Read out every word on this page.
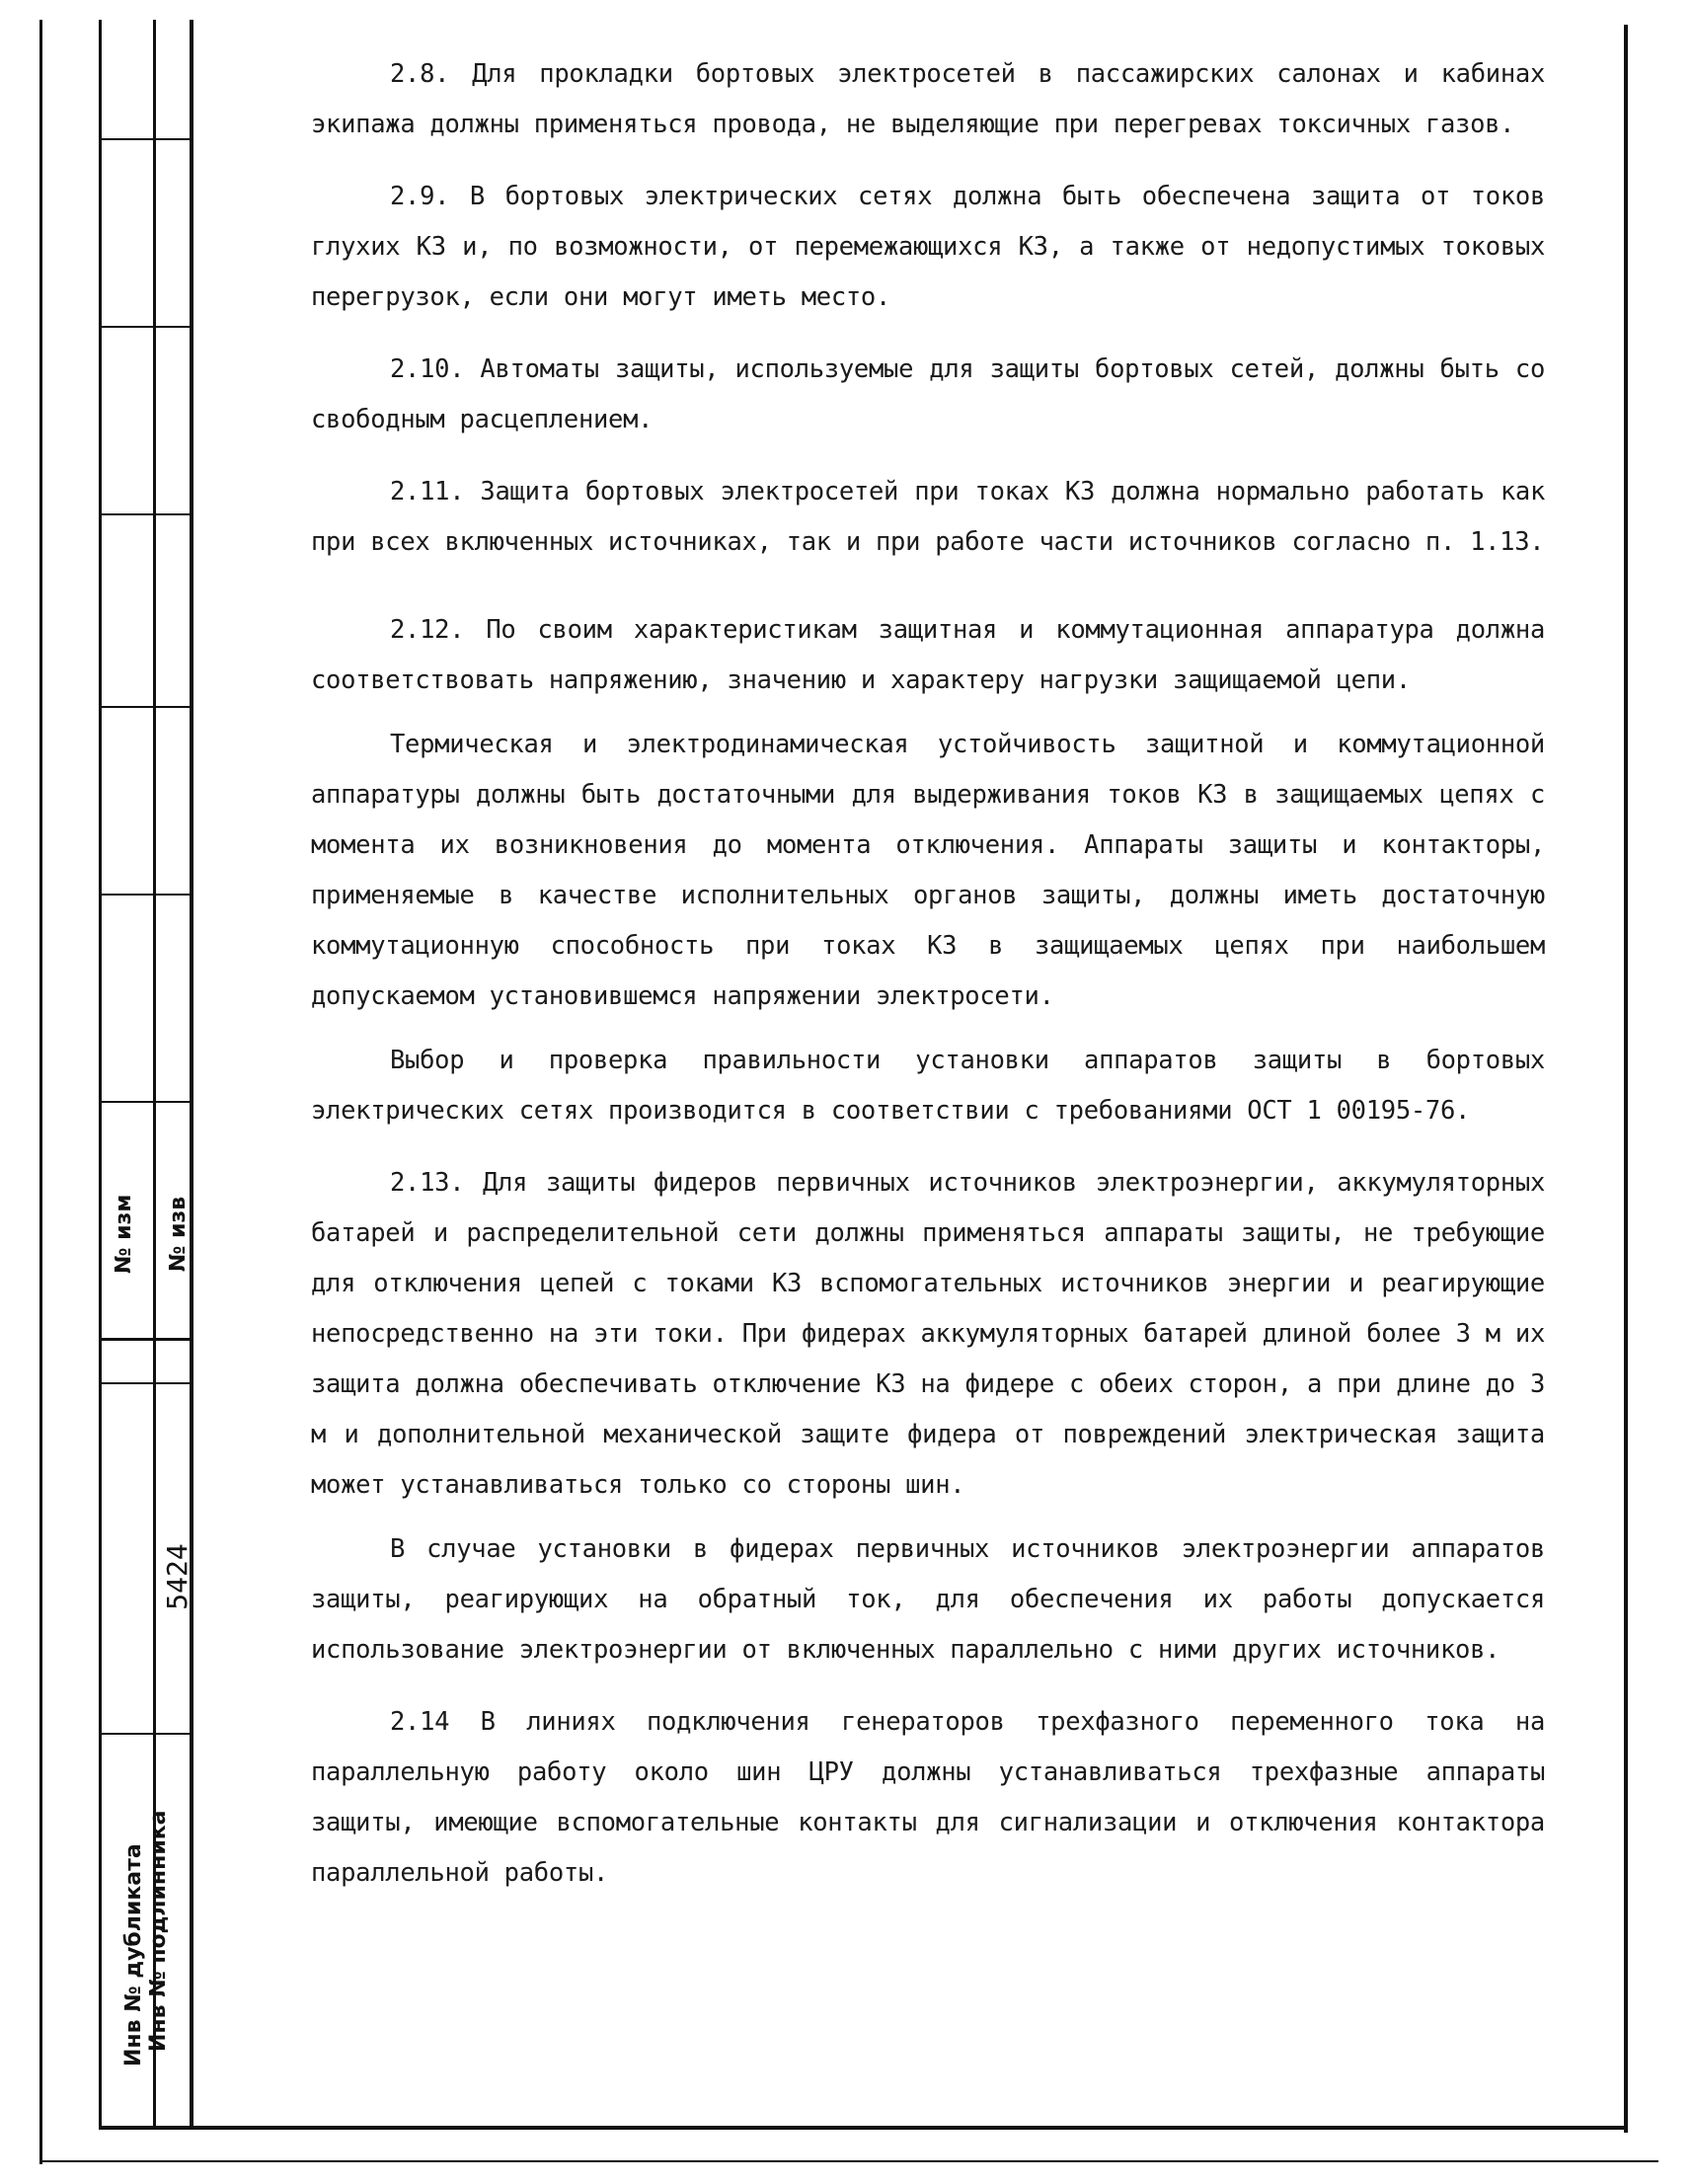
№ изм № изв
5424
Инв № дубликата Инв № подлинника

2.8. Для прокладки бортовых электросетей в пассажирских салонах и кабинах экипажа должны применяться провода, не выделяющие при перегревах токсичных газов.

2.9. В бортовых электрических сетях должна быть обеспечена защита от токов глухих КЗ и, по возможности, от перемежающихся КЗ, а также от недопустимых токовых перегрузок, если они могут иметь место.

2.10. Автоматы защиты, используемые для защиты бортовых сетей, должны быть со свободным расцеплением.

2.11. Защита бортовых электросетей при токах КЗ должна нормально работать как при всех включенных источниках, так и при работе части источников согласно п. 1.13.

2.12. По своим характеристикам защитная и коммутационная аппаратура должна соответствовать напряжению, значению и характеру нагрузки защищаемой цепи.

Термическая и электродинамическая устойчивость защитной и коммутационной аппаратуры должны быть достаточными для выдерживания токов КЗ в защищаемых цепях с момента их возникновения до момента отключения. Аппараты защиты и контакторы, применяемые в качестве исполнительных органов защиты, должны иметь достаточную коммутационную способность при токах КЗ в защищаемых цепях при наибольшем допускаемом установившемся напряжении электросети.

Выбор и проверка правильности установки аппаратов защиты в бортовых электрических сетях производится в соответствии с требованиями ОСТ 1 00195-76.

2.13. Для защиты фидеров первичных источников электроэнергии, аккумуляторных батарей и распределительной сети должны применяться аппараты защиты, не требующие для отключения цепей с токами КЗ вспомогательных источников энергии и реагирующие непосредственно на эти токи. При фидерах аккумуляторных батарей длиной более 3 м их защита должна обеспечивать отключение КЗ на фидере с обеих сторон, а при длине до 3 м и дополнительной механической защите фидера от повреждений электрическая защита может устанавливаться только со стороны шин.

В случае установки в фидерах первичных источников электроэнергии аппаратов защиты, реагирующих на обратный ток, для обеспечения их работы допускается использование электроэнергии от включенных параллельно с ними других источников.

2.14 В линиях подключения генераторов трехфазного переменного тока на параллельную работу около шин ЦРУ должны устанавливаться трехфазные аппараты защиты, имеющие вспомогательные контакты для сигнализации и отключения контактора параллельной работы.
